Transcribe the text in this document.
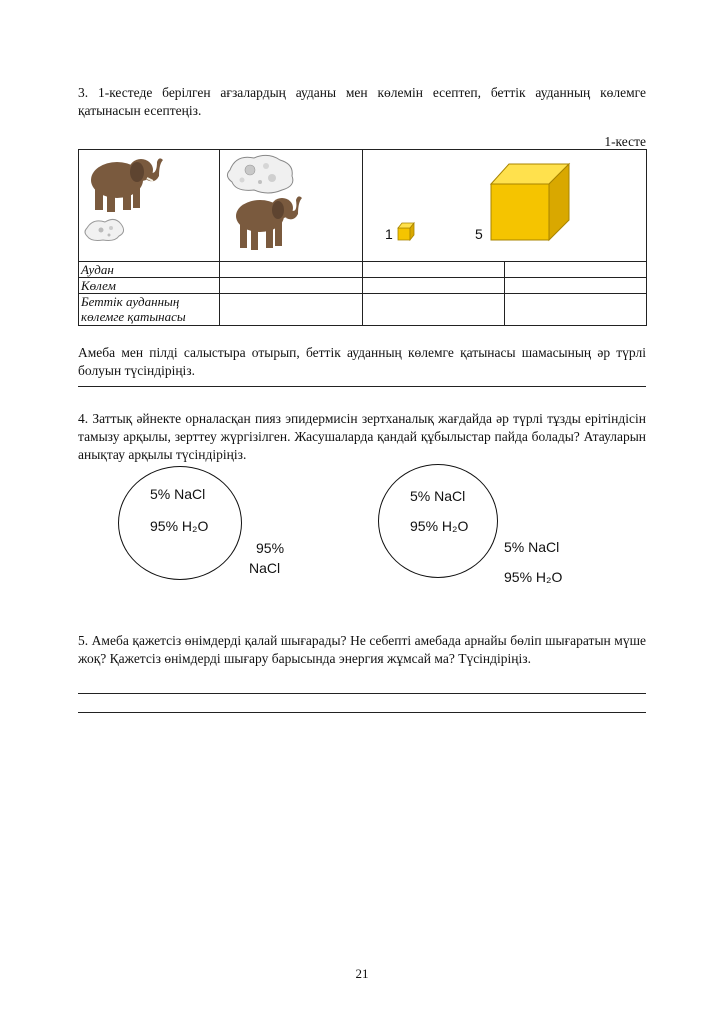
3. 1-кестеде берілген ағзалардың ауданы мен көлемін есептеп, беттік ауданның көлемге қатынасын есептеңіз.
1-кесте

1 5	

Аудан			
Көлем			
Беттік ауданның көлемге қатынасы			
Амеба мен пілді салыстыра отырып, беттік ауданның көлемге қатынасы шамасының әр түрлі болуын түсіндіріңіз.
4. Заттық әйнекте орналасқан пияз эпидермисін зертханалық жағдайда әр түрлі тұзды ерітіндісін тамызу арқылы, зерттеу жүргізілген. Жасушаларда қандай құбылыстар пайда болады? Атауларын анықтау арқылы түсіндіріңіз.
5% NaCl
95% H₂O
95%
NaCl
5% NaCl
95% H₂O
5% NaCl
95% H₂O
5. Амеба қажетсіз өнімдерді қалай шығарады? Не себепті амебада арнайы бөліп шығаратын мүше жоқ? Қажетсіз өнімдерді шығару барысында энергия жұмсай ма? Түсіндіріңіз.
21
